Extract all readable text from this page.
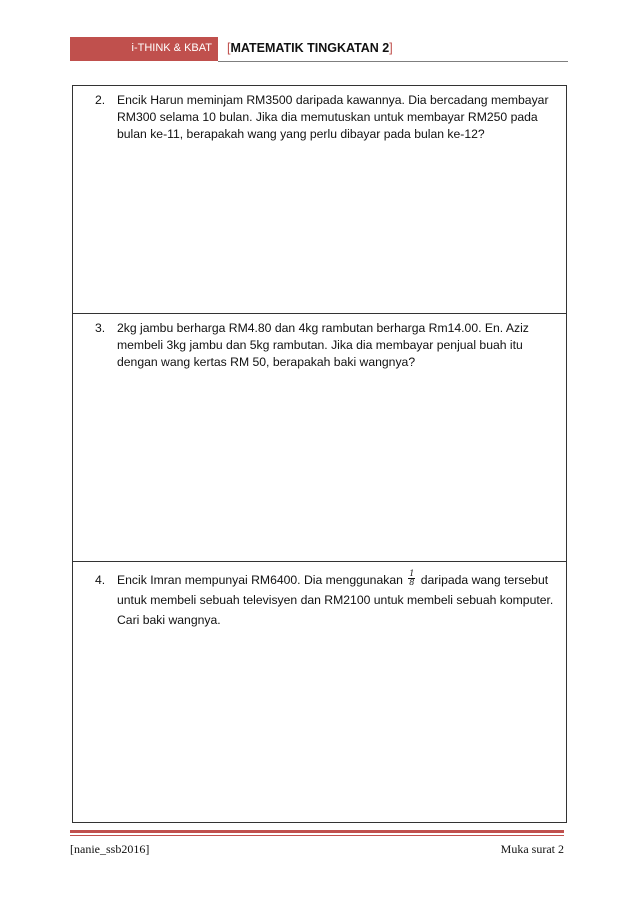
i-THINK & KBAT [MATEMATIK TINGKATAN 2]
2. Encik Harun meminjam RM3500 daripada kawannya. Dia bercadang membayar RM300 selama 10 bulan. Jika dia memutuskan untuk membayar RM250 pada bulan ke-11, berapakah wang yang perlu dibayar pada bulan ke-12?
3. 2kg jambu berharga RM4.80 dan 4kg rambutan berharga Rm14.00. En. Aziz membeli 3kg jambu dan 5kg rambutan. Jika dia membayar penjual buah itu dengan wang kertas RM 50, berapakah baki wangnya?
4. Encik Imran mempunyai RM6400. Dia menggunakan $\frac{1}{8}$ daripada wang tersebut untuk membeli sebuah televisyen dan RM2100 untuk membeli sebuah komputer. Cari baki wangnya.
[nanie_ssb2016]	Muka surat 2
